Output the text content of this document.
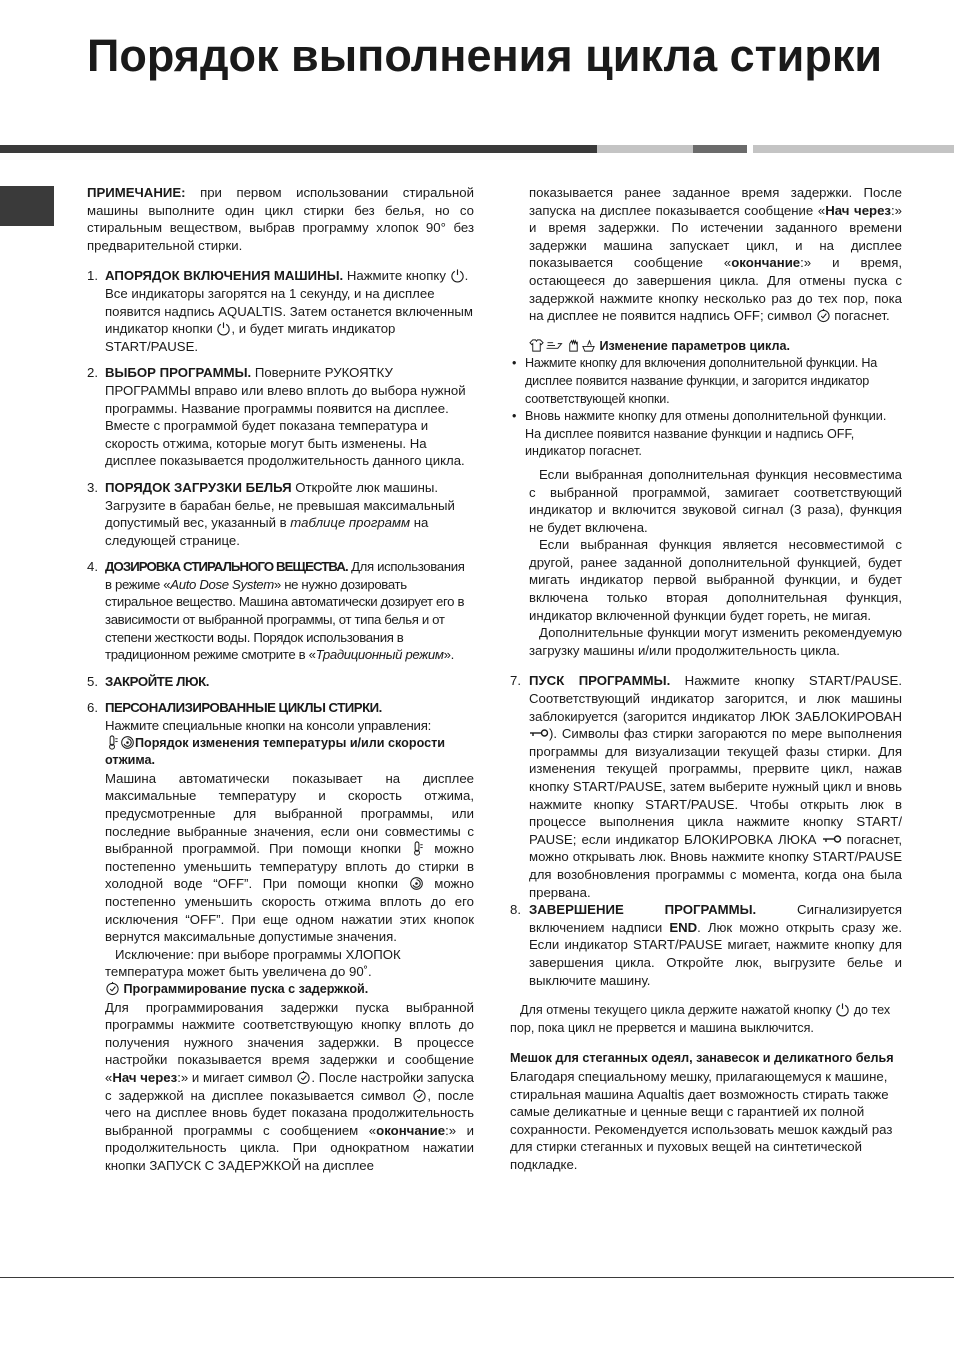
Порядок выполнения цикла стирки

ПРИМЕЧАНИЕ: при первом использовании стиральной машины выполните один цикл стирки без белья, но со стиральным веществом, выбрав программу хлопок 90° без предварительной стирки.

1. АПОРЯДОК ВКЛЮЧЕНИЯ МАШИНЫ. Нажмите кнопку
. Все индикаторы загорятся на 1 секунду, и на дисплее появится надпись AQUALTIS. Затем останется включенным индикатор кнопки
, и будет мигать индикатор START/PAUSE.

2. ВЫБОР ПРОГРАММЫ. Поверните РУКОЯТКУ ПРОГРАММЫ вправо или влево вплоть до выбора нужной программы. Название программы появится на дисплее. Вместе с программой будет показана температура и скорость отжима, которые могут быть изменены. На дисплее показывается продолжительность данного цикла.

3. ПОРЯДОК ЗАГРУЗКИ БЕЛЬЯ Откройте люк машины. Загрузите в барабан белье, не превышая максимальный допустимый вес, указанный в таблице программ на следующей странице.

4. ДОЗИРОВКА СТИРАЛЬНОГО ВЕЩЕСТВА. Для использования в режиме «Auto Dose System» не нужно дозировать стиральное вещество. Машина автоматически дозирует его в зависимости от выбранной программы, от типа белья и от степени жесткости воды. Порядок использования в традиционном режиме смотрите в «Традиционный режим».

5. ЗАКРОЙТЕ ЛЮК.

6. ПЕРСОНАЛИЗИРОВАННЫЕ ЦИКЛЫ СТИРКИ.

Нажмите специальные кнопки на консоли управления:

Порядок изменения температуры и/или скорости отжима.

Машина автоматически показывает на дисплее максимальные температуру и скорость отжима, предусмотренные для выбранной программы, или последние выбранные значения, если они совместимы с выбранной программой. При помощи кнопки
можно постепенно уменьшить температуру вплоть до стирки в холодной воде “OFF”. При помощи кнопки
можно постепенно уменьшить скорость отжима вплоть до его исключения “OFF”. При еще одном нажатии этих кнопок вернутся максимальные допустимые значения.

Исключение: при выборе программы ХЛОПОК температура может быть увеличена до 90˚.

Программирование пуска с задержкой.

Для программирования задержки пуска выбранной программы нажмите соответствующую кнопку вплоть до получения нужного значения задержки. В процессе настройки показывается время задержки и сообщение «Нач через:» и мигает символ
. После настройки запуска с задержкой на дисплее показывается символ
, после чего на дисплее вновь будет показана продолжительность выбранной программы с сообщением «окончание:» и продолжительность цикла. При однократном нажатии кнопки ЗАПУСК С ЗАДЕРЖКОЙ на дисплее

показывается ранее заданное время задержки. После запуска на дисплее показывается сообщение «Нач через:» и время задержки. По истечении заданного времени задержки машина запускает цикл, и на дисплее показывается сообщение «окончание:» и время, остающееся до завершения цикла. Для отмены пуска с задержкой нажмите кнопку несколько раз до тех пор, пока на дисплее не появится надпись OFF; символ
погаснет.

Изменение параметров цикла.

• Нажмите кнопку для включения дополнительной функции. На дисплее появится название функции, и загорится индикатор соответствующей кнопки.

• Вновь нажмите кнопку для отмены дополнительной функции. На дисплее появится название функции и надпись OFF, индикатор погаснет.

Если выбранная дополнительная функция несовместима с выбранной программой, замигает соответствующий индикатор и включится звуковой сигнал (3 раза), функция не будет включена.

Если выбранная функция является несовместимой с другой, ранее заданной дополнительной функцией, будет мигать индикатор первой выбранной функции, и будет включена только вторая дополнительная функция, индикатор включенной функции будет гореть, не мигая.

Дополнительные функции могут изменить рекомендуемую загрузку машины и/или продолжительность цикла.

7. ПУСК ПРОГРАММЫ. Нажмите кнопку START/PAUSE. Соответствующий индикатор загорится, и люк машины заблокируется (загорится индикатор ЛЮК ЗАБЛОКИРОВАН
). Символы фаз стирки загораются по мере выполнения программы для визуализации текущей фазы стирки. Для изменения текущей программы, прервите цикл, нажав кнопку START/PAUSE, затем выберите нужный цикл и вновь нажмите кнопку START/PAUSE. Чтобы открыть люк в процессе выполнения цикла нажмите кнопку START/ PAUSE; если индикатор БЛОКИРОВКА ЛЮКА
погаснет, можно открывать люк. Вновь нажмите кнопку START/PAUSE для возобновления программы с момента, когда она была прервана.

8. ЗАВЕРШЕНИЕ ПРОГРАММЫ. Сигнализируется включением надписи END. Люк можно открыть сразу же. Если индикатор START/PAUSE мигает, нажмите кнопку для завершения цикла. Откройте люк, выгрузите белье и выключите машину.

Для отмены текущего цикла держите нажатой кнопку
до тех пор, пока цикл не прервется и машина выключится.

Мешок для стеганных одеял, занавесок и деликатного белья

Благодаря специальному мешку, прилагающемуся к машине, стиральная машина Aqualtis дает возможность стирать также самые деликатные и ценные вещи с гарантией их полной сохранности. Рекомендуется использовать мешок каждый раз для стирки стеганных и пуховых вещей на синтетической подкладке.
